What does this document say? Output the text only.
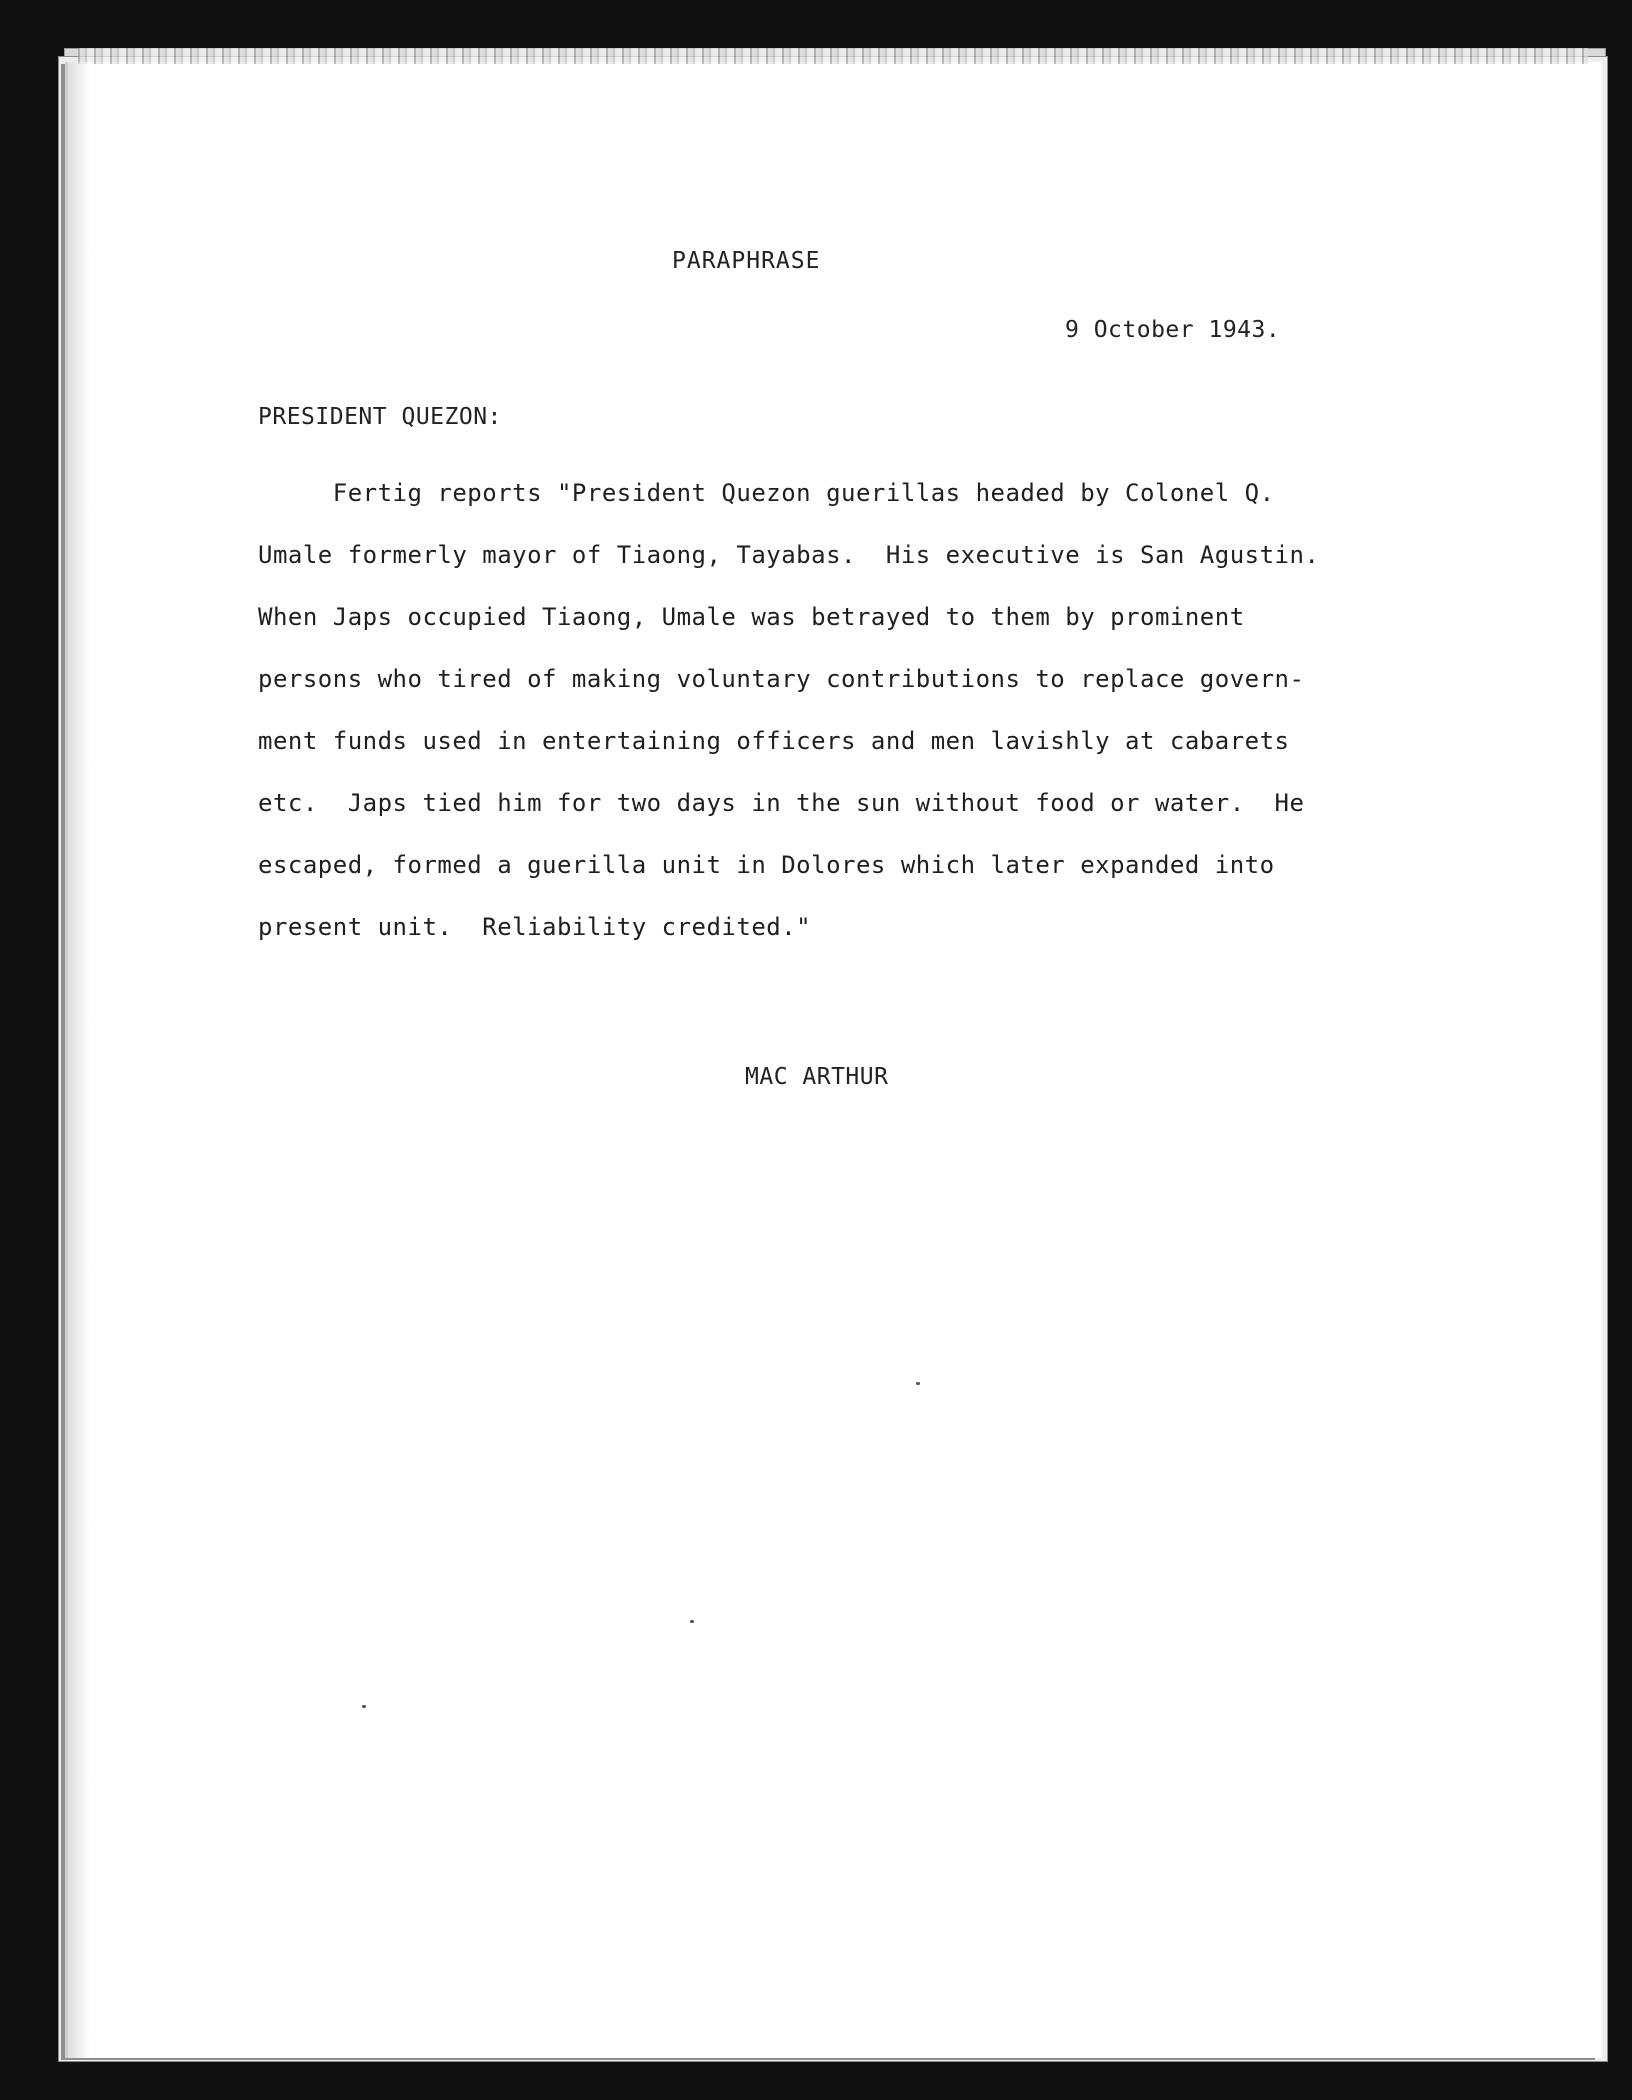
PARAPHRASE
9 October 1943.
PRESIDENT QUEZON:
Fertig reports "President Quezon guerillas headed by Colonel Q.
Umale formerly mayor of Tiaong, Tayabas.  His executive is San Agustin.
When Japs occupied Tiaong, Umale was betrayed to them by prominent
persons who tired of making voluntary contributions to replace govern-
ment funds used in entertaining officers and men lavishly at cabarets
etc.  Japs tied him for two days in the sun without food or water.  He
escaped, formed a guerilla unit in Dolores which later expanded into
present unit.  Reliability credited."
MAC ARTHUR
